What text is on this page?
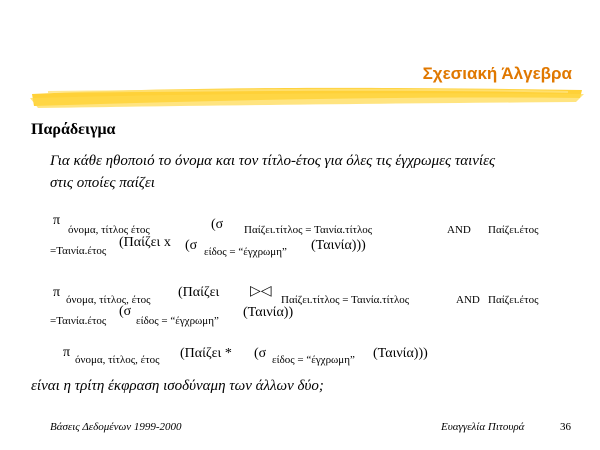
Σχεσιακή Άλγεβρα
Παράδειγμα
Για κάθε ηθοποιό το όνομα και τον τίτλο-έτος για όλες τις έγχρωμες ταινίες
στις οποίες παίζει
π
όνομα, τίτλος έτος	(σ Παίζει.τίτλος = Ταινία.τίτλος	AND Παίζει.έτος
=Ταινία.έτος
(Παίζει x (σ είδος = “έγχρωμη” (Ταινία)))
π όνομα, τίτλος, έτος (Παίζει ▷◁
Παίζει.τίτλος = Ταινία.τίτλος	AND Παίζει.έτος
=Ταινία.έτος
(σ
είδος = “έγχρωμη”
(Ταινία))
π όνομα, τίτλος, έτος (Παίζει * (σ είδος = “έγχρωμη” (Ταινία)))
είναι η τρίτη έκφραση ισοδύναμη των άλλων δύο;
Βάσεις Δεδομένων 1999-2000	Ευαγγελία Πιτουρά	36
